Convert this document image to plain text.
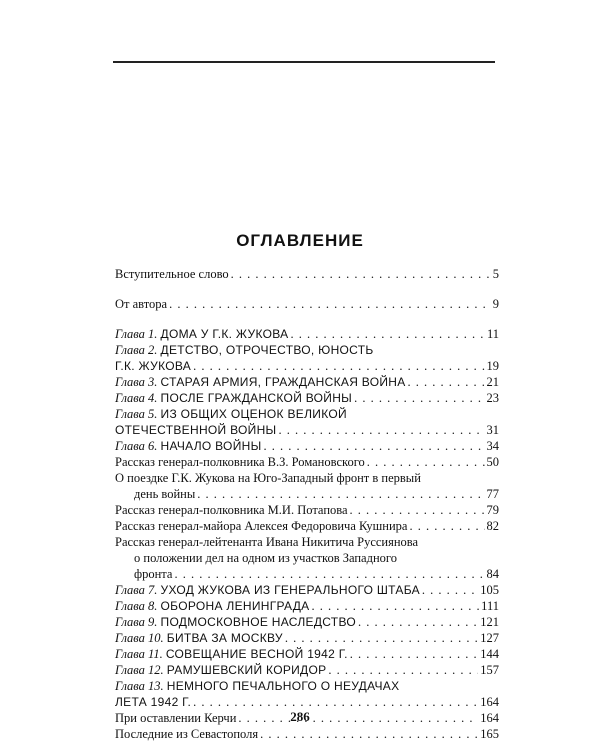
ОГЛАВЛЕНИЕ
Вступительное слово . . .	5
От автора . . .	9
Глава 1. ДОМА У Г.К. ЖУКОВА . . .	11
Глава 2. ДЕТСТВО, ОТРОЧЕСТВО, ЮНОСТЬ
Г.К. ЖУКОВА . . .	19
Глава 3. СТАРАЯ АРМИЯ, ГРАЖДАНСКАЯ ВОЙНА . . .	21
Глава 4. ПОСЛЕ ГРАЖДАНСКОЙ ВОЙНЫ . . .	23
Глава 5. ИЗ ОБЩИХ ОЦЕНОК ВЕЛИКОЙ
ОТЕЧЕСТВЕННОЙ ВОЙНЫ . . .	31
Глава 6. НАЧАЛО ВОЙНЫ . . .	34
Рассказ генерал-полковника В.З. Романовского . . .	50
О поездке Г.К. Жукова на Юго-Западный фронт в первый
день войны . . .	77
Рассказ генерал-полковника М.И. Потапова . . .	79
Рассказ генерал-майора Алексея Федоровича Кушнира . . .	82
Рассказ генерал-лейтенанта Ивана Никитича Руссиянова
о положении дел на одном из участков Западного
фронта . . .	84
Глава 7. УХОД ЖУКОВА ИЗ ГЕНЕРАЛЬНОГО ШТАБА . . .	105
Глава 8. ОБОРОНА ЛЕНИНГРАДА . . .	111
Глава 9. ПОДМОСКОВНОЕ НАСЛЕДСТВО . . .	121
Глава 10. БИТВА ЗА МОСКВУ . . .	127
Глава 11. СОВЕЩАНИЕ ВЕСНОЙ 1942 Г. . . .	144
Глава 12. РАМУШЕВСКИЙ КОРИДОР . . .	157
Глава 13. НЕМНОГО ПЕЧАЛЬНОГО О НЕУДАЧАХ
ЛЕТА 1942 Г. . . .	164
При оставлении Керчи . . .	164
Последние из Севастополя . . .	165
286
